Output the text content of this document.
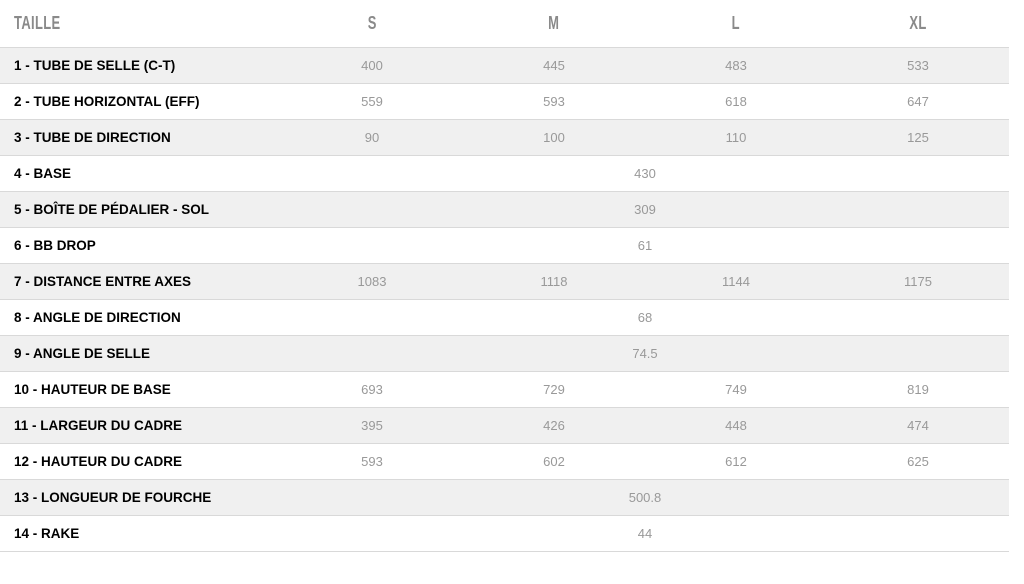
TAILLE	S	M	L	XL
1 - TUBE DE SELLE (C-T)	400	445	483	533
2 - TUBE HORIZONTAL (EFF)	559	593	618	647
3 - TUBE DE DIRECTION	90	100	110	125
4 - BASE	430			
5 - BOÎTE DE PÉDALIER - SOL	309			
6 - BB DROP	61			
7 - DISTANCE ENTRE AXES	1083	1118	1144	1175
8 - ANGLE DE DIRECTION	68			
9 - ANGLE DE SELLE	74.5			
10 - HAUTEUR DE BASE	693	729	749	819
11 - LARGEUR DU CADRE	395	426	448	474
12 - HAUTEUR DU CADRE	593	602	612	625
13 - LONGUEUR DE FOURCHE	500.8			
14 - RAKE	44			
